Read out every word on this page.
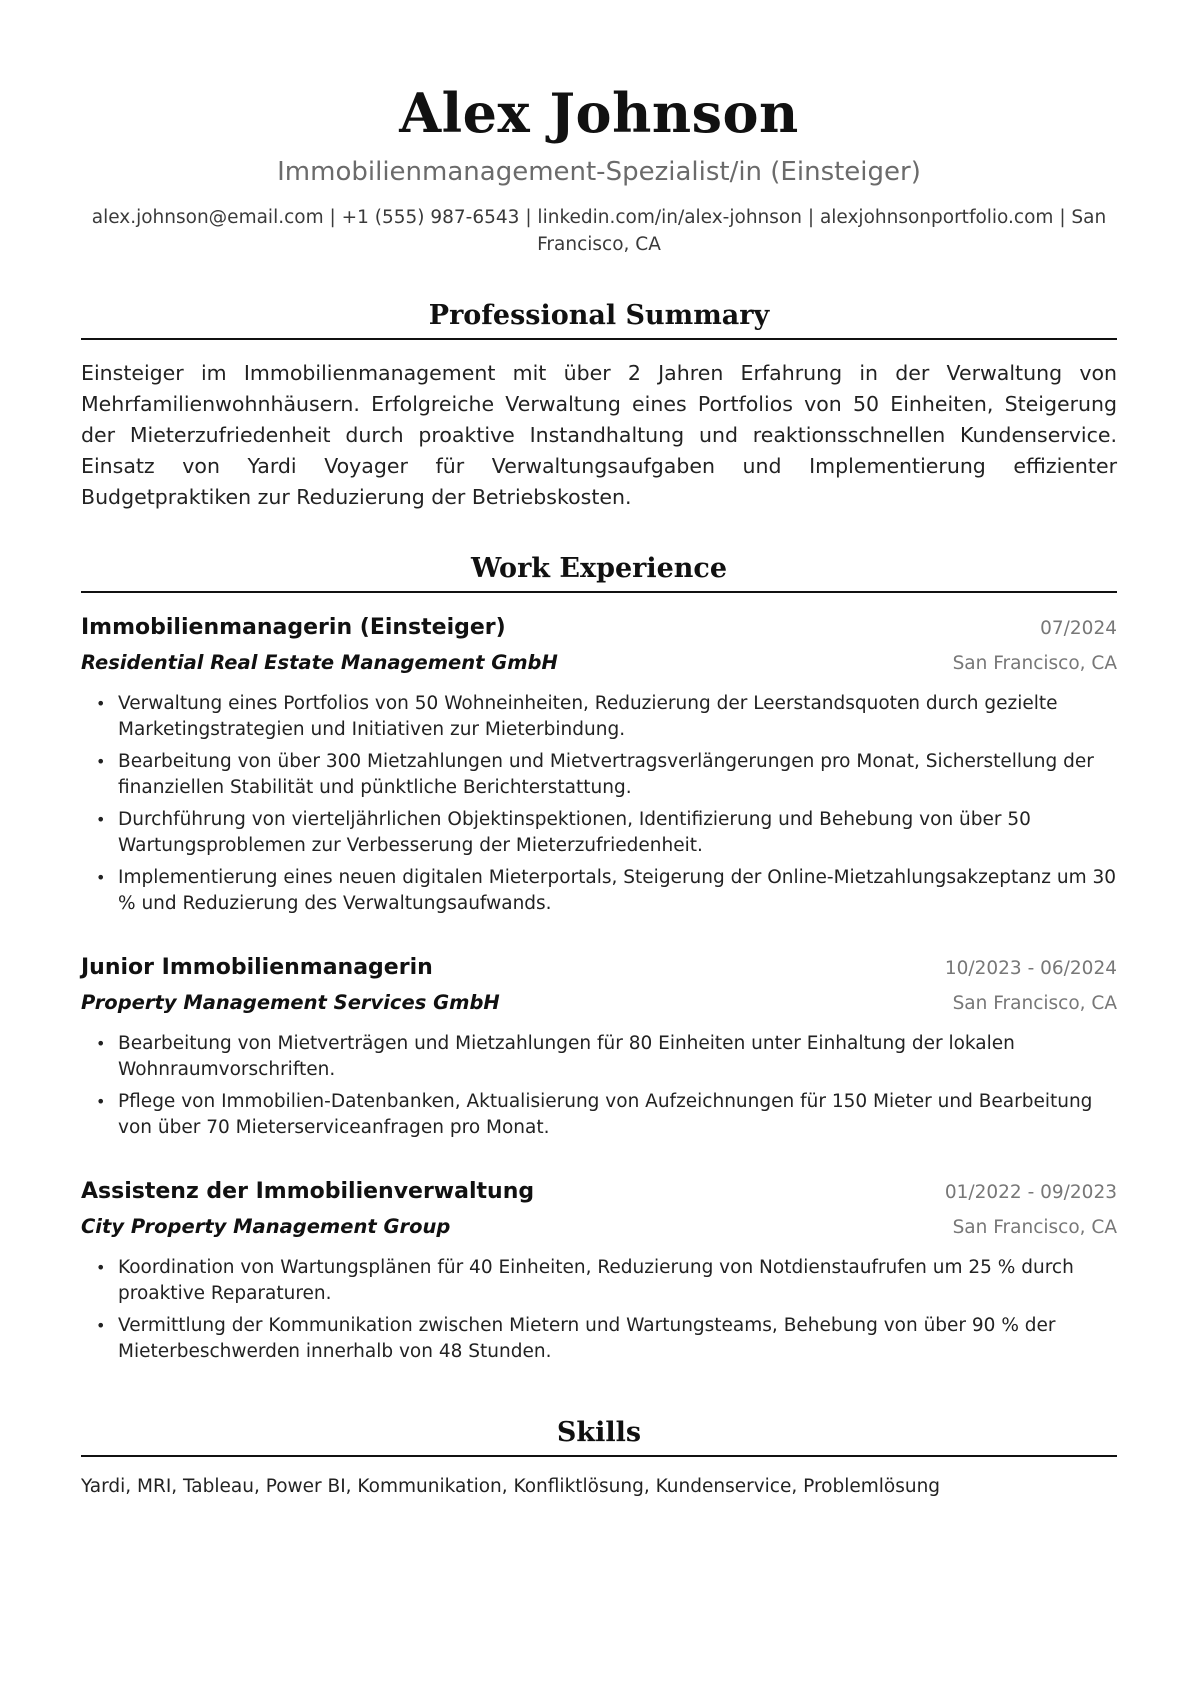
Alex Johnson
Immobilienmanagement-Spezialist/in (Einsteiger)
alex.johnson@email.com | +1 (555) 987-6543 | linkedin.com/in/alex-johnson | alexjohnsonportfolio.com | San Francisco, CA
Professional Summary
Einsteiger im Immobilienmanagement mit über 2 Jahren Erfahrung in der Verwaltung von Mehrfamilienwohnhäusern. Erfolgreiche Verwaltung eines Portfolios von 50 Einheiten, Steigerung der Mieterzufriedenheit durch proaktive Instandhaltung und reaktionsschnellen Kundenservice. Einsatz von Yardi Voyager für Verwaltungsaufgaben und Implementierung effizienter Budgetpraktiken zur Reduzierung der Betriebskosten.
Work Experience
Immobilienmanagerin (Einsteiger)	07/2024
Residential Real Estate Management GmbH	San Francisco, CA
• Verwaltung eines Portfolios von 50 Wohneinheiten, Reduzierung der Leerstandsquoten durch gezielte Marketingstrategien und Initiativen zur Mieterbindung.
• Bearbeitung von über 300 Mietzahlungen und Mietvertragsverlängerungen pro Monat, Sicherstellung der finanziellen Stabilität und pünktliche Berichterstattung.
• Durchführung von vierteljährlichen Objektinspektionen, Identifizierung und Behebung von über 50 Wartungsproblemen zur Verbesserung der Mieterzufriedenheit.
• Implementierung eines neuen digitalen Mieterportals, Steigerung der Online-Mietzahlungsakzeptanz um 30 % und Reduzierung des Verwaltungsaufwands.
Junior Immobilienmanagerin	10/2023 - 06/2024
Property Management Services GmbH	San Francisco, CA
• Bearbeitung von Mietverträgen und Mietzahlungen für 80 Einheiten unter Einhaltung der lokalen Wohnraumvorschriften.
• Pflege von Immobilien-Datenbanken, Aktualisierung von Aufzeichnungen für 150 Mieter und Bearbeitung von über 70 Mieterserviceanfragen pro Monat.
Assistenz der Immobilienverwaltung	01/2022 - 09/2023
City Property Management Group	San Francisco, CA
• Koordination von Wartungsplänen für 40 Einheiten, Reduzierung von Notdienstaufrufen um 25 % durch proaktive Reparaturen.
• Vermittlung der Kommunikation zwischen Mietern und Wartungsteams, Behebung von über 90 % der Mieterbeschwerden innerhalb von 48 Stunden.
Skills
Yardi, MRI, Tableau, Power BI, Kommunikation, Konfliktlösung, Kundenservice, Problemlösung
